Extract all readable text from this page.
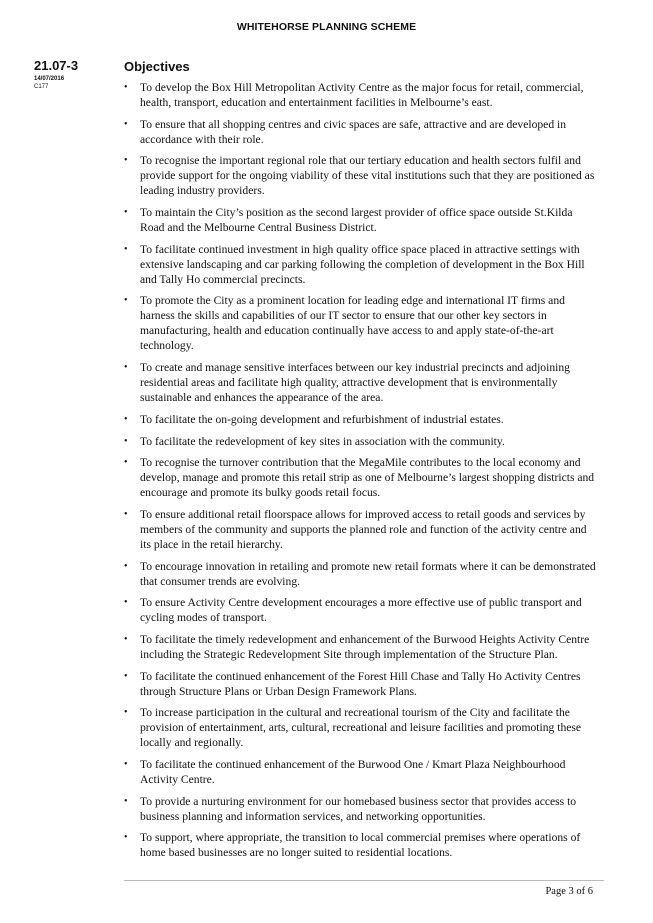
WHITEHORSE PLANNING SCHEME
21.07-3
14/07/2016
C177
Objectives
• To develop the Box Hill Metropolitan Activity Centre as the major focus for retail, commercial, health, transport, education and entertainment facilities in Melbourne’s east.
• To ensure that all shopping centres and civic spaces are safe, attractive and are developed in accordance with their role.
• To recognise the important regional role that our tertiary education and health sectors fulfil and provide support for the ongoing viability of these vital institutions such that they are positioned as leading industry providers.
• To maintain the City’s position as the second largest provider of office space outside St.Kilda Road and the Melbourne Central Business District.
• To facilitate continued investment in high quality office space placed in attractive settings with extensive landscaping and car parking following the completion of development in the Box Hill and Tally Ho commercial precincts.
• To promote the City as a prominent location for leading edge and international IT firms and harness the skills and capabilities of our IT sector to ensure that our other key sectors in manufacturing, health and education continually have access to and apply state-of-the-art technology.
• To create and manage sensitive interfaces between our key industrial precincts and adjoining residential areas and facilitate high quality, attractive development that is environmentally sustainable and enhances the appearance of the area.
• To facilitate the on-going development and refurbishment of industrial estates.
• To facilitate the redevelopment of key sites in association with the community.
• To recognise the turnover contribution that the MegaMile contributes to the local economy and develop, manage and promote this retail strip as one of Melbourne’s largest shopping districts and encourage and promote its bulky goods retail focus.
• To ensure additional retail floorspace allows for improved access to retail goods and services by members of the community and supports the planned role and function of the activity centre and its place in the retail hierarchy.
• To encourage innovation in retailing and promote new retail formats where it can be demonstrated that consumer trends are evolving.
• To ensure Activity Centre development encourages a more effective use of public transport and cycling modes of transport.
• To facilitate the timely redevelopment and enhancement of the Burwood Heights Activity Centre including the Strategic Redevelopment Site through implementation of the Structure Plan.
• To facilitate the continued enhancement of the Forest Hill Chase and Tally Ho Activity Centres through Structure Plans or Urban Design Framework Plans.
• To increase participation in the cultural and recreational tourism of the City and facilitate the provision of entertainment, arts, cultural, recreational and leisure facilities and promoting these locally and regionally.
• To facilitate the continued enhancement of the Burwood One / Kmart Plaza Neighbourhood Activity Centre.
• To provide a nurturing environment for our homebased business sector that provides access to business planning and information services, and networking opportunities.
• To support, where appropriate, the transition to local commercial premises where operations of home based businesses are no longer suited to residential locations.
Page 3 of 6
